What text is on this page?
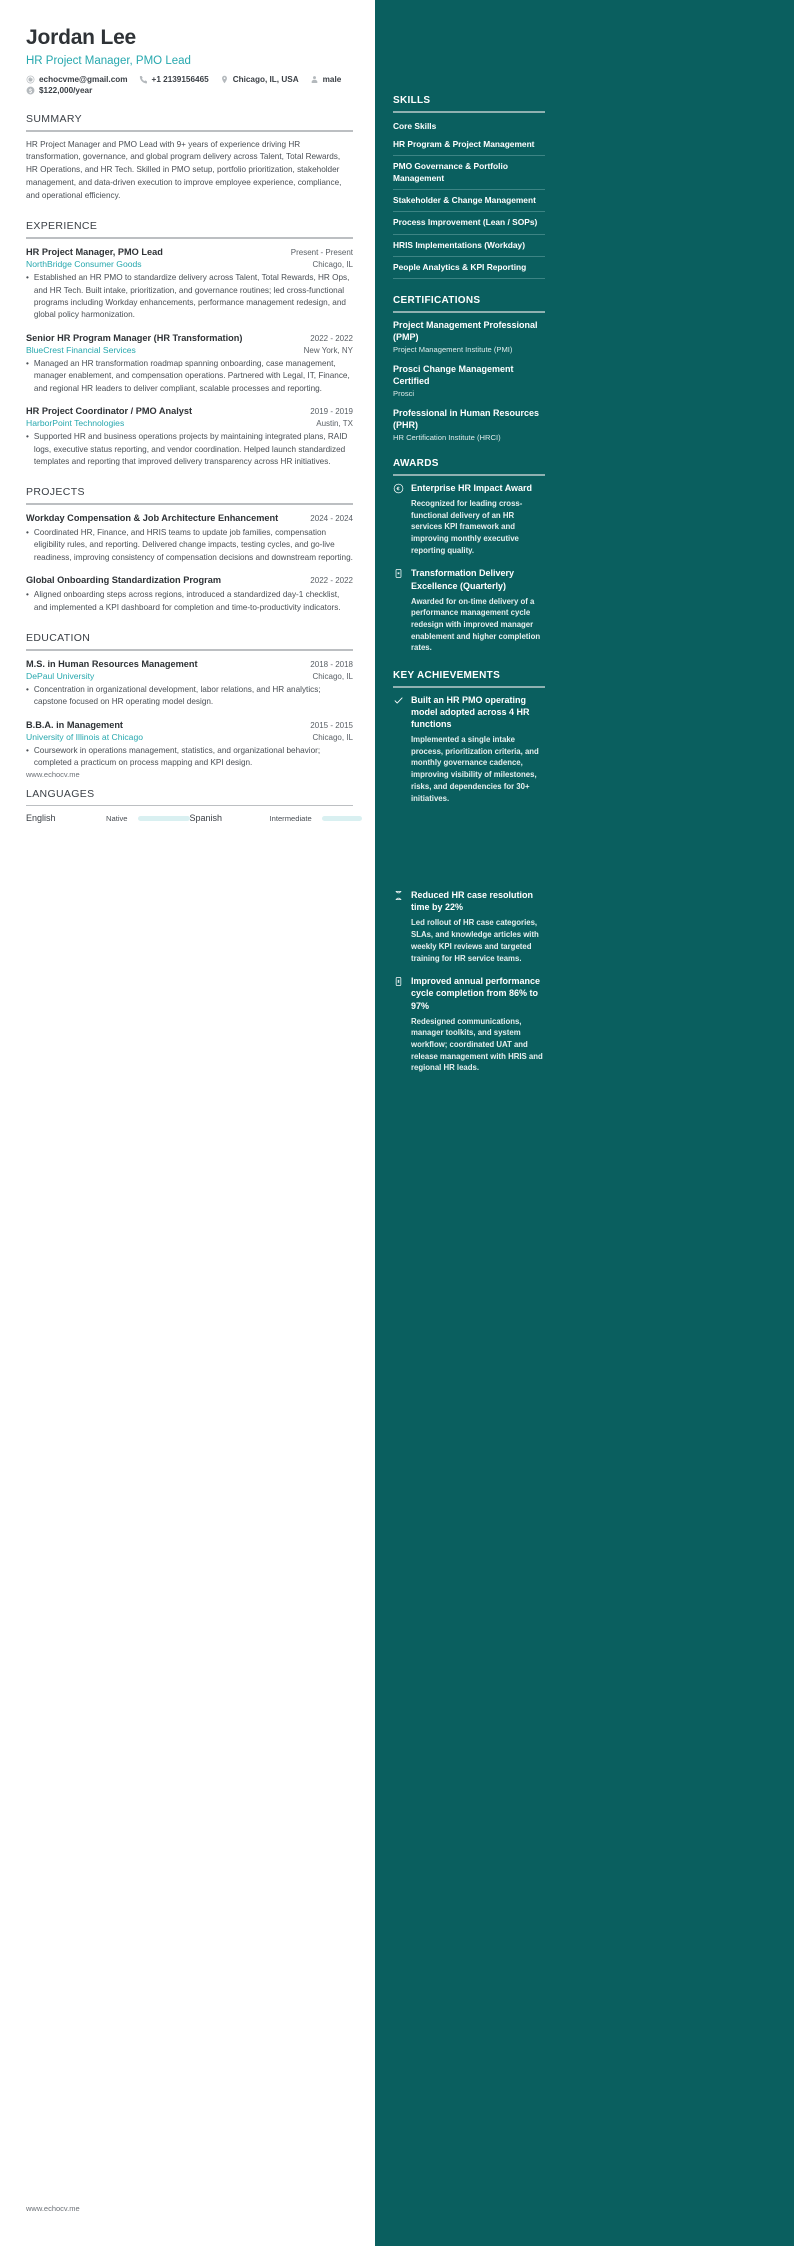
Jordan Lee
HR Project Manager, PMO Lead
echocvme@gmail.com	+1 2139156465	Chicago, IL, USA	male
$122,000/year
SUMMARY
HR Project Manager and PMO Lead with 9+ years of experience driving HR transformation, governance, and global program delivery across Talent, Total Rewards, HR Operations, and HR Tech. Skilled in PMO setup, portfolio prioritization, stakeholder management, and data-driven execution to improve employee experience, compliance, and operational efficiency.
EXPERIENCE
HR Project Manager, PMO Lead	Present - Present
NorthBridge Consumer Goods	Chicago, IL
• Established an HR PMO to standardize delivery across Talent, Total Rewards, HR Ops, and HR Tech. Built intake, prioritization, and governance routines; led cross-functional programs including Workday enhancements, performance management redesign, and global policy harmonization.
Senior HR Program Manager (HR Transformation)	2022 - 2022
BlueCrest Financial Services	New York, NY
• Managed an HR transformation roadmap spanning onboarding, case management, manager enablement, and compensation operations. Partnered with Legal, IT, Finance, and regional HR leaders to deliver compliant, scalable processes and reporting.
HR Project Coordinator / PMO Analyst	2019 - 2019
HarborPoint Technologies	Austin, TX
• Supported HR and business operations projects by maintaining integrated plans, RAID logs, executive status reporting, and vendor coordination. Helped launch standardized templates and reporting that improved delivery transparency across HR initiatives.
PROJECTS
Workday Compensation & Job Architecture Enhancement	2024 - 2024
• Coordinated HR, Finance, and HRIS teams to update job families, compensation eligibility rules, and reporting. Delivered change impacts, testing cycles, and go-live readiness, improving consistency of compensation decisions and downstream reporting.
Global Onboarding Standardization Program	2022 - 2022
• Aligned onboarding steps across regions, introduced a standardized day-1 checklist, and implemented a KPI dashboard for completion and time-to-productivity indicators.
EDUCATION
M.S. in Human Resources Management	2018 - 2018
DePaul University	Chicago, IL
• Concentration in organizational development, labor relations, and HR analytics; capstone focused on HR operating model design.
B.B.A. in Management	2015 - 2015
University of Illinois at Chicago	Chicago, IL
• Coursework in operations management, statistics, and organizational behavior; completed a practicum on process mapping and KPI design.
LANGUAGES
English	Native	Spanish	Intermediate
www.echocv.me
www.echocv.me
SKILLS
Core Skills
HR Program & Project Management
PMO Governance & Portfolio Management
Stakeholder & Change Management
Process Improvement (Lean / SOPs)
HRIS Implementations (Workday)
People Analytics & KPI Reporting
CERTIFICATIONS
Project Management Professional (PMP)
Project Management Institute (PMI)
Prosci Change Management Certified
Prosci
Professional in Human Resources (PHR)
HR Certification Institute (HRCI)
AWARDS
Enterprise HR Impact Award
Recognized for leading cross-functional delivery of an HR services KPI framework and improving monthly executive reporting quality.
Transformation Delivery Excellence (Quarterly)
Awarded for on-time delivery of a performance management cycle redesign with improved manager enablement and higher completion rates.
KEY ACHIEVEMENTS
Built an HR PMO operating model adopted across 4 HR functions
Implemented a single intake process, prioritization criteria, and monthly governance cadence, improving visibility of milestones, risks, and dependencies for 30+ initiatives.
Reduced HR case resolution time by 22%
Led rollout of HR case categories, SLAs, and knowledge articles with weekly KPI reviews and targeted training for HR service teams.
Improved annual performance cycle completion from 86% to 97%
Redesigned communications, manager toolkits, and system workflow; coordinated UAT and release management with HRIS and regional HR leads.
